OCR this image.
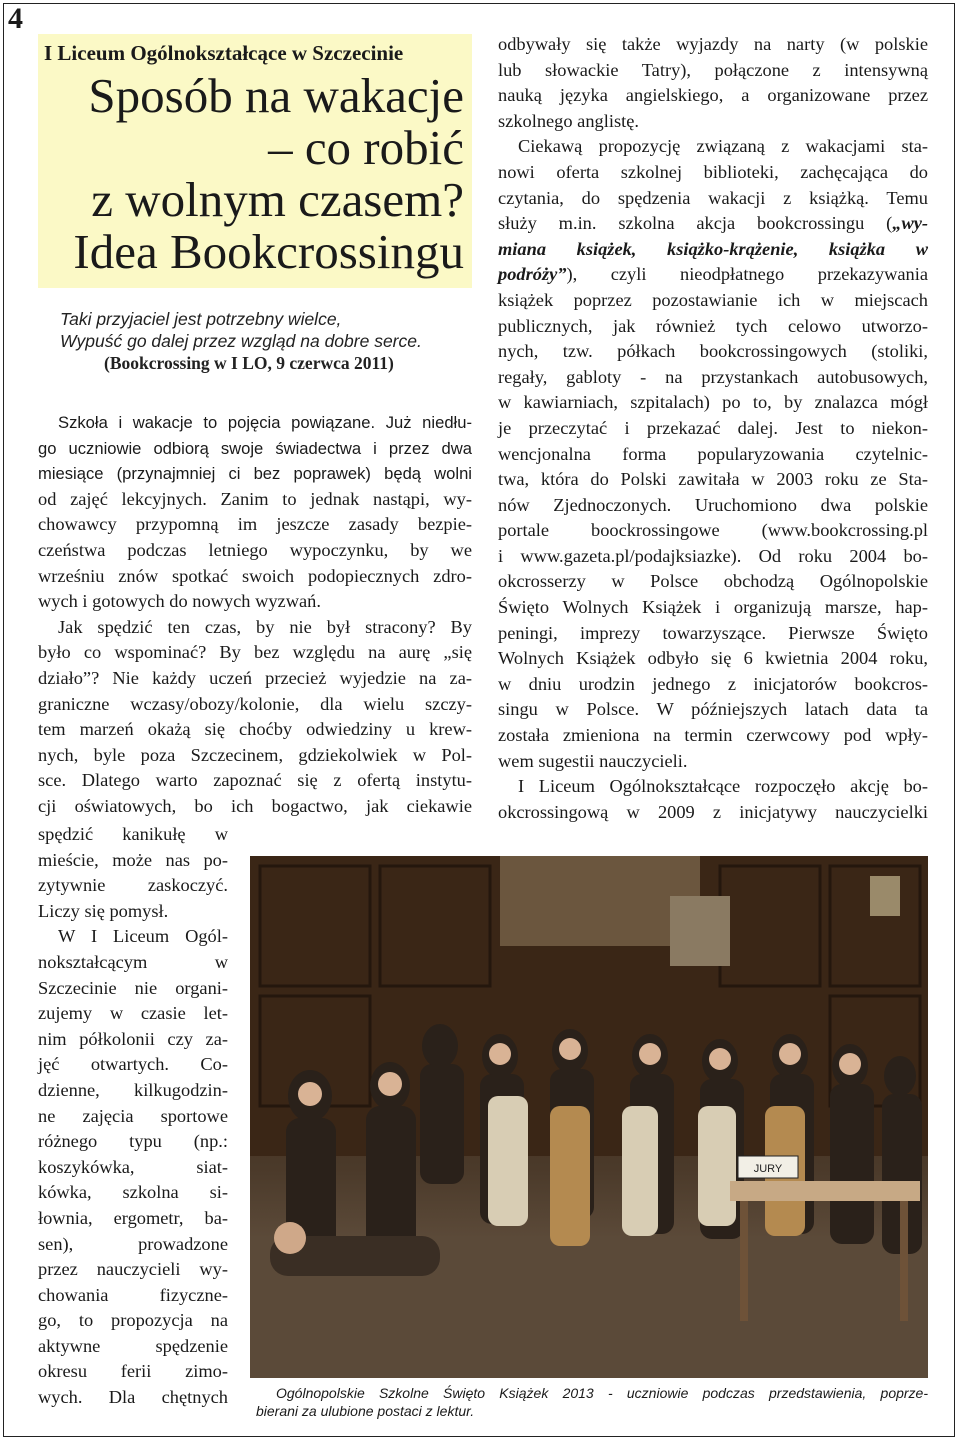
4
I Liceum Ogólnokształcące w Szczecinie
Sposób na wakacje
– co robić
z wolnym czasem?
Idea Bookcrossingu
Taki przyjaciel jest potrzebny wielce,
Wypuść go dalej przez wzgląd na dobre serce.
(Bookcrossing w I LO, 9 czerwca 2011)
Szkoła i wakacje to pojęcia powiązane. Już niedłu-
go uczniowie odbiorą swoje świadectwa i przez dwa
miesiące (przynajmniej ci bez poprawek) będą wolni
od zajęć lekcyjnych. Zanim to jednak nastąpi, wy-
chowawcy przypomną im jeszcze zasady bezpie-
czeństwa podczas letniego wypoczynku, by we
wrześniu znów spotkać swoich podopiecznych zdro-
wych i gotowych do nowych wyzwań.
Jak spędzić ten czas, by nie był stracony? By
było co wspominać? By bez względu na aurę „się
działo”? Nie każdy uczeń przecież wyjedzie na za-
graniczne wczasy/obozy/kolonie, dla wielu szczy-
tem marzeń okażą się choćby odwiedziny u krew-
nych, byle poza Szczecinem, gdziekolwiek w Pol-
sce. Dlatego warto zapoznać się z ofertą instytu-
cji oświatowych, bo ich bogactwo, jak ciekawie
spędzić kanikułę w
mieście, może nas po-
zytywnie zaskoczyć.
Liczy się pomysł.
W I Liceum Ogól-
nokształcącym w
Szczecinie nie organi-
zujemy w czasie let-
nim półkolonii czy za-
jęć otwartych. Co-
dzienne, kilkugodzin-
ne zajęcia sportowe
różnego typu (np.:
koszykówka, siat-
kówka, szkolna si-
łownia, ergometr, ba-
sen), prowadzone
przez nauczycieli wy-
chowania fizyczne-
go, to propozycja na
aktywne spędzenie
okresu ferii zimo-
wych. Dla chętnych
odbywały się także wyjazdy na narty (w polskie
lub słowackie Tatry), połączone z intensywną
nauką języka angielskiego, a organizowane przez
szkolnego anglistę.
Ciekawą propozycję związaną z wakacjami sta-
nowi oferta szkolnej biblioteki, zachęcająca do
czytania, do spędzenia wakacji z książką. Temu
służy m.in. szkolna akcja bookcrossingu („wy-
miana książek, książko-krążenie, książka w
podróży”), czyli nieodpłatnego przekazywania
książek poprzez pozostawianie ich w miejscach
publicznych, jak również tych celowo utworzo-
nych, tzw. półkach bookcrossingowych (stoliki,
regały, gabloty - na przystankach autobusowych,
w kawiarniach, szpitalach) po to, by znalazca mógł
je przeczytać i przekazać dalej. Jest to niekon-
wencjonalna forma popularyzowania czytelnic-
twa, która do Polski zawitała w 2003 roku ze Sta-
nów Zjednoczonych. Uruchomiono dwa polskie
portale boockrossingowe (www.bookcrossing.pl
i www.gazeta.pl/podajksiazke). Od roku 2004 bo-
okcrosserzy w Polsce obchodzą Ogólnopolskie
Święto Wolnych Książek i organizują marsze, hap-
peningi, imprezy towarzyszące. Pierwsze Święto
Wolnych Książek odbyło się 6 kwietnia 2004 roku,
w dniu urodzin jednego z inicjatorów bookcros-
singu w Polsce. W późniejszych latach data ta
została zmieniona na termin czerwcowy pod wpły-
wem sugestii nauczycieli.
I Liceum Ogólnokształcące rozpoczęło akcję bo-
okcrossingową w 2009 z inicjatywy nauczycielki
JURY
Ogólnopolskie Szkolne Święto Książek 2013 - uczniowie podczas przedstawienia, poprze-
bierani za ulubione postaci z lektur.
